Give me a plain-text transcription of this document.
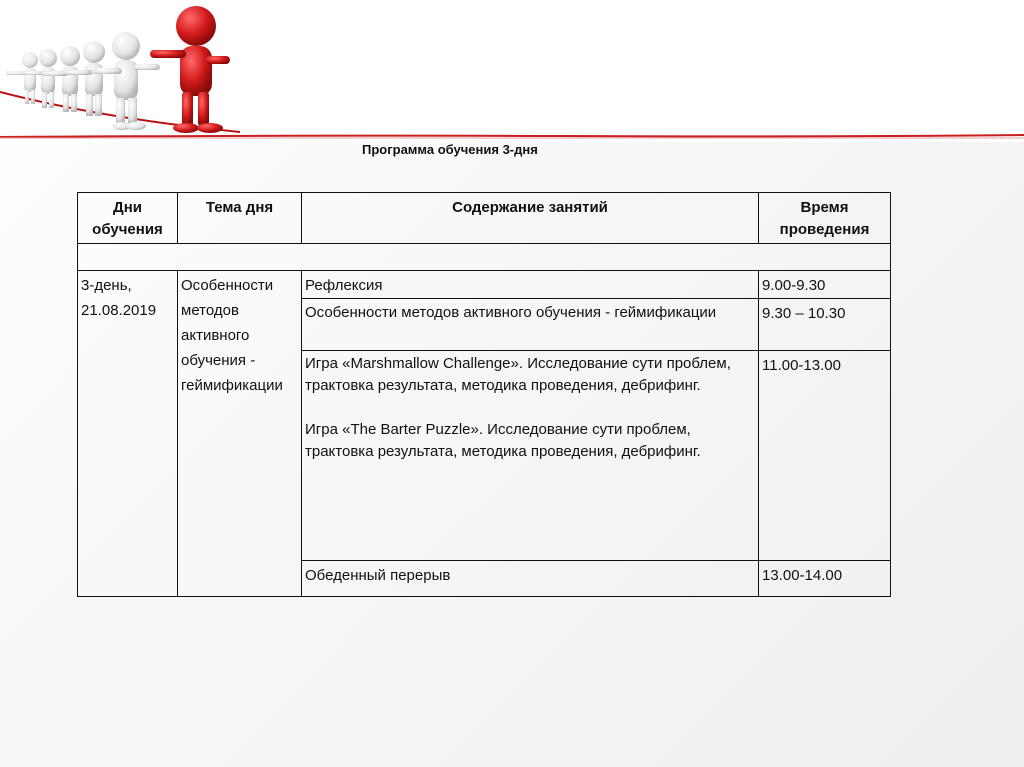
Программа обучения 3-дня
Дни обучения	Тема дня	Содержание занятий	Время проведения

3-день, 21.08.2019	Особенности методов активного обучения - геймификации	Рефлексия	9.00-9.30

		Особенности методов активного обучения - геймификации	9.30 – 10.30

		Игра «Marshmallow Challenge». Исследование сути проблем, трактовка результата, методика проведения, дебрифинг.
Игра «The Barter Puzzle». Исследование сути проблем, трактовка результата, методика проведения, дебрифинг.	11.00-13.00

		Обеденный перерыв	13.00-14.00
